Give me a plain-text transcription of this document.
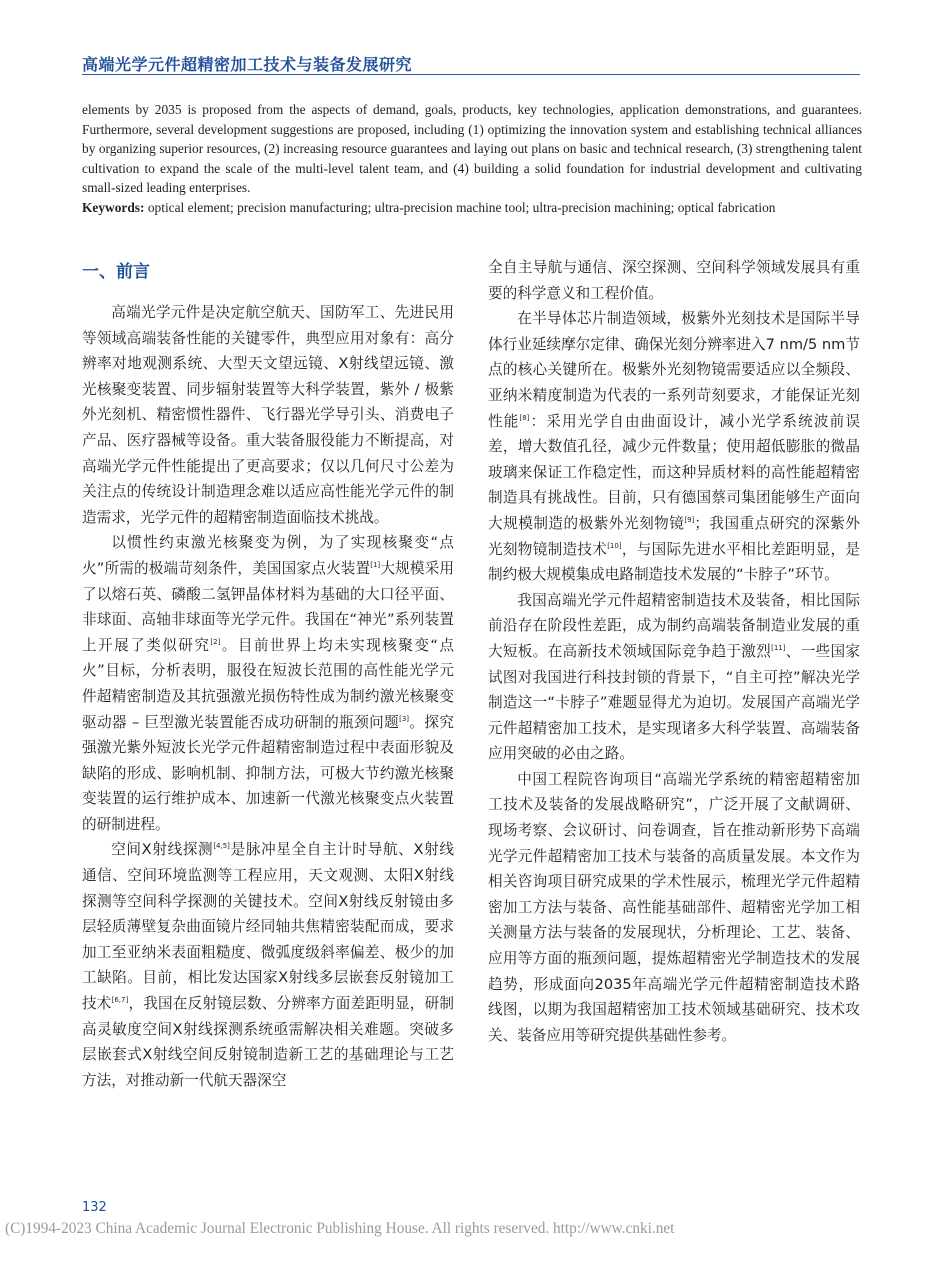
高端光学元件超精密加工技术与装备发展研究

elements by 2035 is proposed from the aspects of demand, goals, products, key technologies, application demonstrations, and guarantees. Furthermore, several development suggestions are proposed, including (1) optimizing the innovation system and establishing technical alliances by organizing superior resources, (2) increasing resource guarantees and laying out plans on basic and technical research, (3) strengthening talent cultivation to expand the scale of the multi-level talent team, and (4) building a solid foundation for industrial development and cultivating small-sized leading enterprises.

Keywords: optical element; precision manufacturing; ultra-precision machine tool; ultra-precision machining; optical fabrication

一、前言

高端光学元件是决定航空航天、国防军工、先进民用等领域高端装备性能的关键零件，典型应用对象有：高分辨率对地观测系统、大型天文望远镜、X射线望远镜、激光核聚变装置、同步辐射装置等大科学装置，紫外 / 极紫外光刻机、精密惯性器件、飞行器光学导引头、消费电子产品、医疗器械等设备。重大装备服役能力不断提高，对高端光学元件性能提出了更高要求；仅以几何尺寸公差为关注点的传统设计制造理念难以适应高性能光学元件的制造需求，光学元件的超精密制造面临技术挑战。

以惯性约束激光核聚变为例，为了实现核聚变“点火”所需的极端苛刻条件，美国国家点火装置[1]大规模采用了以熔石英、磷酸二氢钾晶体材料为基础的大口径平面、非球面、高轴非球面等光学元件。我国在“神光”系列装置上开展了类似研究[2]。目前世界上均未实现核聚变“点火”目标，分析表明，服役在短波长范围的高性能光学元件超精密制造及其抗强激光损伤特性成为制约激光核聚变驱动器 – 巨型激光装置能否成功研制的瓶颈问题[3]。探究强激光紫外短波长光学元件超精密制造过程中表面形貌及缺陷的形成、影响机制、抑制方法，可极大节约激光核聚变装置的运行维护成本、加速新一代激光核聚变点火装置的研制进程。

空间X射线探测[4,5]是脉冲星全自主计时导航、X射线通信、空间环境监测等工程应用，天文观测、太阳X射线探测等空间科学探测的关键技术。空间X射线反射镜由多层轻质薄壁复杂曲面镜片经同轴共焦精密装配而成，要求加工至亚纳米表面粗糙度、微弧度级斜率偏差、极少的加工缺陷。目前，相比发达国家X射线多层嵌套反射镜加工技术[6,7]，我国在反射镜层数、分辨率方面差距明显，研制高灵敏度空间X射线探测系统亟需解决相关难题。突破多层嵌套式X射线空间反射镜制造新工艺的基础理论与工艺方法，对推动新一代航天器深空

全自主导航与通信、深空探测、空间科学领域发展具有重要的科学意义和工程价值。

在半导体芯片制造领域，极紫外光刻技术是国际半导体行业延续摩尔定律、确保光刻分辨率进入7 nm/5 nm节点的核心关键所在。极紫外光刻物镜需要适应以全频段、亚纳米精度制造为代表的一系列苛刻要求，才能保证光刻性能[8]：采用光学自由曲面设计，减小光学系统波前误差，增大数值孔径，减少元件数量；使用超低膨胀的微晶玻璃来保证工作稳定性，而这种异质材料的高性能超精密制造具有挑战性。目前，只有德国蔡司集团能够生产面向大规模制造的极紫外光刻物镜[9]；我国重点研究的深紫外光刻物镜制造技术[10]，与国际先进水平相比差距明显，是制约极大规模集成电路制造技术发展的“卡脖子”环节。

我国高端光学元件超精密制造技术及装备，相比国际前沿存在阶段性差距，成为制约高端装备制造业发展的重大短板。在高新技术领域国际竞争趋于激烈[11]、一些国家试图对我国进行科技封锁的背景下，“自主可控”解决光学制造这一“卡脖子”难题显得尤为迫切。发展国产高端光学元件超精密加工技术，是实现诸多大科学装置、高端装备应用突破的必由之路。

中国工程院咨询项目“高端光学系统的精密超精密加工技术及装备的发展战略研究”，广泛开展了文献调研、现场考察、会议研讨、问卷调查，旨在推动新形势下高端光学元件超精密加工技术与装备的高质量发展。本文作为相关咨询项目研究成果的学术性展示，梳理光学元件超精密加工方法与装备、高性能基础部件、超精密光学加工相关测量方法与装备的发展现状，分析理论、工艺、装备、应用等方面的瓶颈问题，提炼超精密光学制造技术的发展趋势，形成面向2035年高端光学元件超精密制造技术路线图，以期为我国超精密加工技术领域基础研究、技术攻关、装备应用等研究提供基础性参考。

132
(C)1994-2023 China Academic Journal Electronic Publishing House. All rights reserved. http://www.cnki.net
